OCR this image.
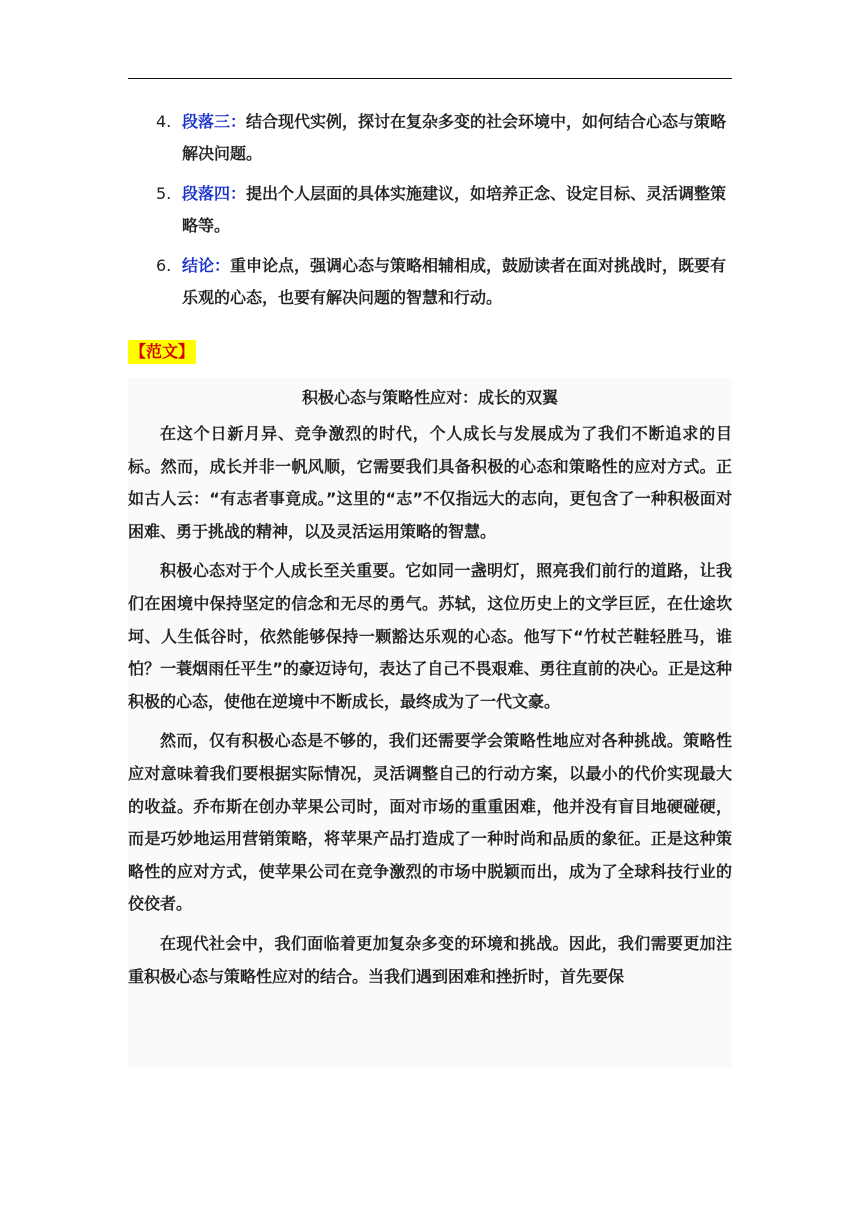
4. 段落三：结合现代实例，探讨在复杂多变的社会环境中，如何结合心态与策略解决问题。
5. 段落四：提出个人层面的具体实施建议，如培养正念、设定目标、灵活调整策略等。
6. 结论：重申论点，强调心态与策略相辅相成，鼓励读者在面对挑战时，既要有乐观的心态，也要有解决问题的智慧和行动。
【范文】

积极心态与策略性应对：成长的双翼

在这个日新月异、竞争激烈的时代，个人成长与发展成为了我们不断追求的目标。然而，成长并非一帆风顺，它需要我们具备积极的心态和策略性的应对方式。正如古人云：“有志者事竟成。”这里的“志”不仅指远大的志向，更包含了一种积极面对困难、勇于挑战的精神，以及灵活运用策略的智慧。

积极心态对于个人成长至关重要。它如同一盏明灯，照亮我们前行的道路，让我们在困境中保持坚定的信念和无尽的勇气。苏轼，这位历史上的文学巨匠，在仕途坎坷、人生低谷时，依然能够保持一颗豁达乐观的心态。他写下“竹杖芒鞋轻胜马，谁怕？一蓑烟雨任平生”的豪迈诗句，表达了自己不畏艰难、勇往直前的决心。正是这种积极的心态，使他在逆境中不断成长，最终成为了一代文豪。

然而，仅有积极心态是不够的，我们还需要学会策略性地应对各种挑战。策略性应对意味着我们要根据实际情况，灵活调整自己的行动方案，以最小的代价实现最大的收益。乔布斯在创办苹果公司时，面对市场的重重困难，他并没有盲目地硬碰硬，而是巧妙地运用营销策略，将苹果产品打造成了一种时尚和品质的象征。正是这种策略性的应对方式，使苹果公司在竞争激烈的市场中脱颖而出，成为了全球科技行业的佼佼者。

在现代社会中，我们面临着更加复杂多变的环境和挑战。因此，我们需要更加注重积极心态与策略性应对的结合。当我们遇到困难和挫折时，首先要保
